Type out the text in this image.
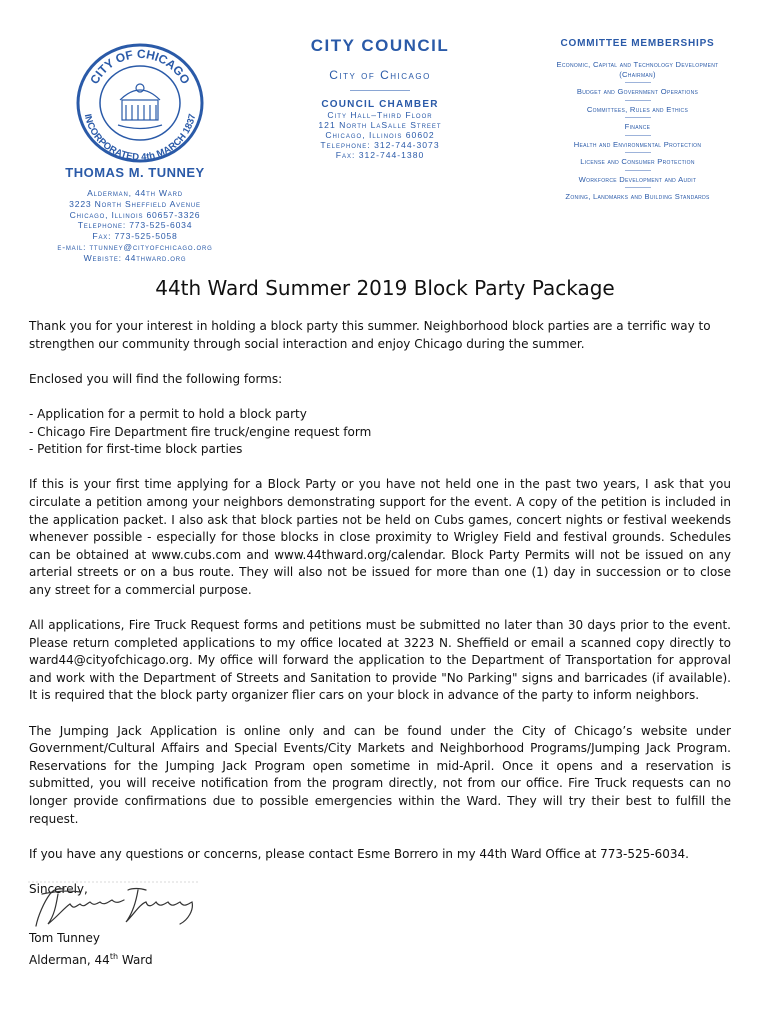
CITY OF CHICAGO
INCORPORATED 4th MARCH 1837
THOMAS M. TUNNEY
Alderman, 44th Ward
3223 North Sheffield Avenue
Chicago, Illinois 60657-3326
Telephone: 773-525-6034
Fax: 773-525-5058
e-mail: ttunney@cityofchicago.org
Webiste: 44thward.org
CITY COUNCIL
City of Chicago
COUNCIL CHAMBER
City Hall–Third Floor
121 North LaSalle Street
Chicago, Illinois 60602
Telephone: 312-744-3073
Fax: 312-744-1380
COMMITTEE MEMBERSHIPS
Economic, Capital and Technology Development
(Chairman)
Budget and Government Operations
Committees, Rules and Ethics
Finance
Health and Environmental Protection
License and Consumer Protection
Workforce Development and Audit
Zoning, Landmarks and Building Standards
44th Ward Summer 2019 Block Party Package

Thank you for your interest in holding a block party this summer. Neighborhood block parties are a terrific way to strengthen our community through social interaction and enjoy Chicago during the summer.

Enclosed you will find the following forms:

- Application for a permit to hold a block party
- Chicago Fire Department fire truck/engine request form
- Petition for first-time block parties

If this is your first time applying for a Block Party or you have not held one in the past two years, I ask that you circulate a petition among your neighbors demonstrating support for the event. A copy of the petition is included in the application packet. I also ask that block parties not be held on Cubs games, concert nights or festival weekends whenever possible - especially for those blocks in close proximity to Wrigley Field and festival grounds. Schedules can be obtained at www.cubs.com and www.44thward.org/calendar. Block Party Permits will not be issued on any arterial streets or on a bus route. They will also not be issued for more than one (1) day in succession or to close any street for a commercial purpose.

All applications, Fire Truck Request forms and petitions must be submitted no later than 30 days prior to the event. Please return completed applications to my office located at 3223 N. Sheffield or email a scanned copy directly to ward44@cityofchicago.org. My office will forward the application to the Department of Transportation for approval and work with the Department of Streets and Sanitation to provide "No Parking" signs and barricades (if available). It is required that the block party organizer flier cars on your block in advance of the party to inform neighbors.

The Jumping Jack Application is online only and can be found under the City of Chicago’s website under Government/Cultural Affairs and Special Events/City Markets and Neighborhood Programs/Jumping Jack Program. Reservations for the Jumping Jack Program open sometime in mid-April. Once it opens and a reservation is submitted, you will receive notification from the program directly, not from our office. Fire Truck requests can no longer provide confirmations due to possible emergencies within the Ward. They will try their best to fulfill the request.

If you have any questions or concerns, please contact Esme Borrero in my 44th Ward Office at 773-525-6034.

Sincerely,

Tom Tunney
Alderman, 44th Ward
